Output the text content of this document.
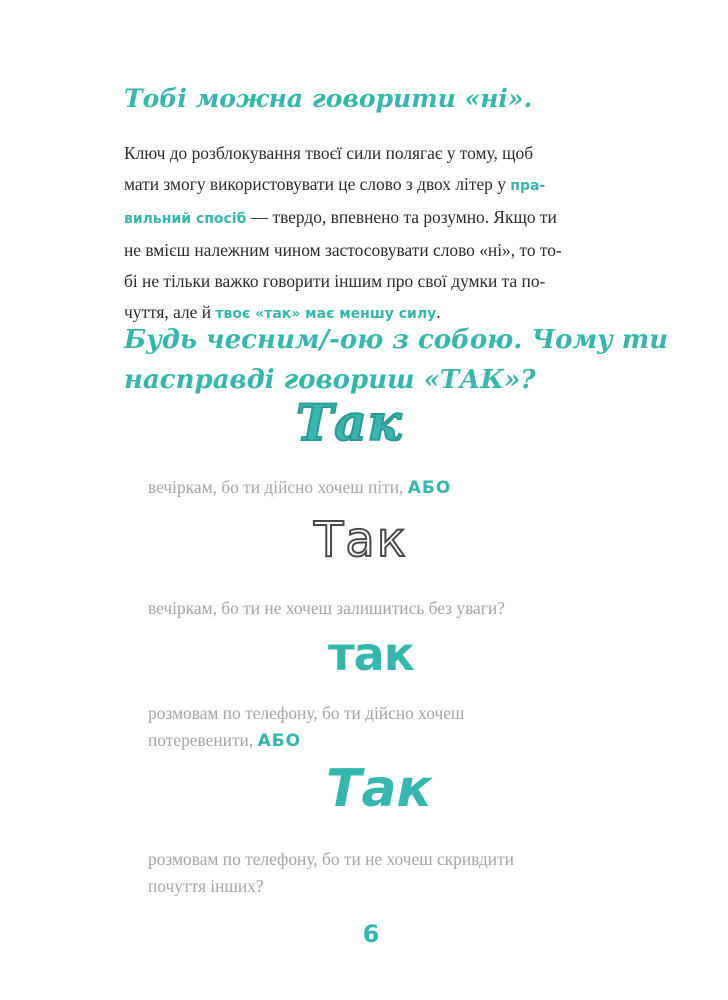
Тобі можна говорити «ні».
Ключ до розблокування твоєї сили полягає у тому, щоб
мати змогу використовувати це слово з двох літер у пра-
вильний спосіб — твердо, впевнено та розумно. Якщо ти
не вмієш належним чином застосовувати слово «ні», то то-
бі не тільки важко говорити іншим про свої думки та по-
чуття, але й твоє «так» має меншу силу.
Будь чесним/-ою з собою. Чому ти
насправді говориш «ТАК»?
Так
вечіркам, бо ти дійсно хочеш піти, АБО
Так
вечіркам, бо ти не хочеш залишитись без уваги?
так
розмовам по телефону, бо ти дійсно хочеш
потеревенити, АБО
Так
розмовам по телефону, бо ти не хочеш скривдити
почуття інших?
6
